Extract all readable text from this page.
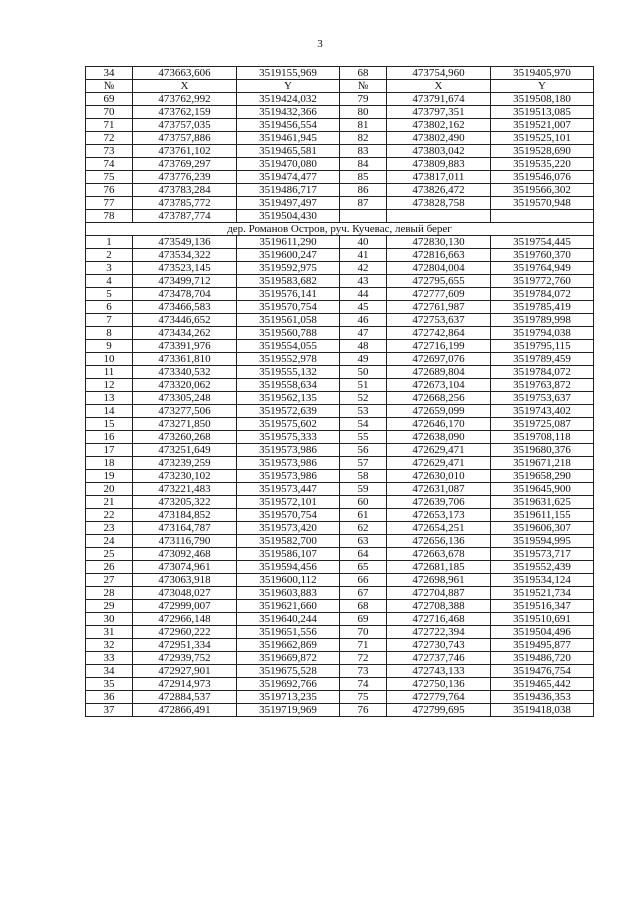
3
34	473663,606	3519155,969	68	473754,960	3519405,970
№	X	Y	№	X	Y
69	473762,992	3519424,032	79	473791,674	3519508,180
70	473762,159	3519432,366	80	473797,351	3519513,085
71	473757,035	3519456,554	81	473802,162	3519521,007
72	473757,886	3519461,945	82	473802,490	3519525,101
73	473761,102	3519465,581	83	473803,042	3519528,690
74	473769,297	3519470,080	84	473809,883	3519535,220
75	473776,239	3519474,477	85	473817,011	3519546,076
76	473783,284	3519486,717	86	473826,472	3519566,302
77	473785,772	3519497,497	87	473828,758	3519570,948
78	473787,774	3519504,430			
дер. Романов Остров, руч. Кучевас, левый берег					
1	473549,136	3519611,290	40	472830,130	3519754,445
2	473534,322	3519600,247	41	472816,663	3519760,370
3	473523,145	3519592,975	42	472804,004	3519764,949
4	473499,712	3519583,682	43	472795,655	3519772,760
5	473478,704	3519576,141	44	472777,609	3519784,072
6	473466,583	3519570,754	45	472761,987	3519785,419
7	473446,652	3519561,058	46	472753,637	3519789,998
8	473434,262	3519560,788	47	472742,864	3519794,038
9	473391,976	3519554,055	48	472716,199	3519795,115
10	473361,810	3519552,978	49	472697,076	3519789,459
11	473340,532	3519555,132	50	472689,804	3519784,072
12	473320,062	3519558,634	51	472673,104	3519763,872
13	473305,248	3519562,135	52	472668,256	3519753,637
14	473277,506	3519572,639	53	472659,099	3519743,402
15	473271,850	3519575,602	54	472646,170	3519725,087
16	473260,268	3519575,333	55	472638,090	3519708,118
17	473251,649	3519573,986	56	472629,471	3519680,376
18	473239,259	3519573,986	57	472629,471	3519671,218
19	473230,102	3519573,986	58	472630,010	3519658,290
20	473221,483	3519573,447	59	472631,087	3519645,900
21	473205,322	3519572,101	60	472639,706	3519631,625
22	473184,852	3519570,754	61	472653,173	3519611,155
23	473164,787	3519573,420	62	472654,251	3519606,307
24	473116,790	3519582,700	63	472656,136	3519594,995
25	473092,468	3519586,107	64	472663,678	3519573,717
26	473074,961	3519594,456	65	472681,185	3519552,439
27	473063,918	3519600,112	66	472698,961	3519534,124
28	473048,027	3519603,883	67	472704,887	3519521,734
29	472999,007	3519621,660	68	472708,388	3519516,347
30	472966,148	3519640,244	69	472716,468	3519510,691
31	472960,222	3519651,556	70	472722,394	3519504,496
32	472951,334	3519662,869	71	472730,743	3519495,877
33	472939,752	3519669,872	72	472737,746	3519486,720
34	472927,901	3519675,528	73	472743,133	3519476,754
35	472914,973	3519692,766	74	472750,136	3519465,442
36	472884,537	3519713,235	75	472779,764	3519436,353
37	472866,491	3519719,969	76	472799,695	3519418,038
